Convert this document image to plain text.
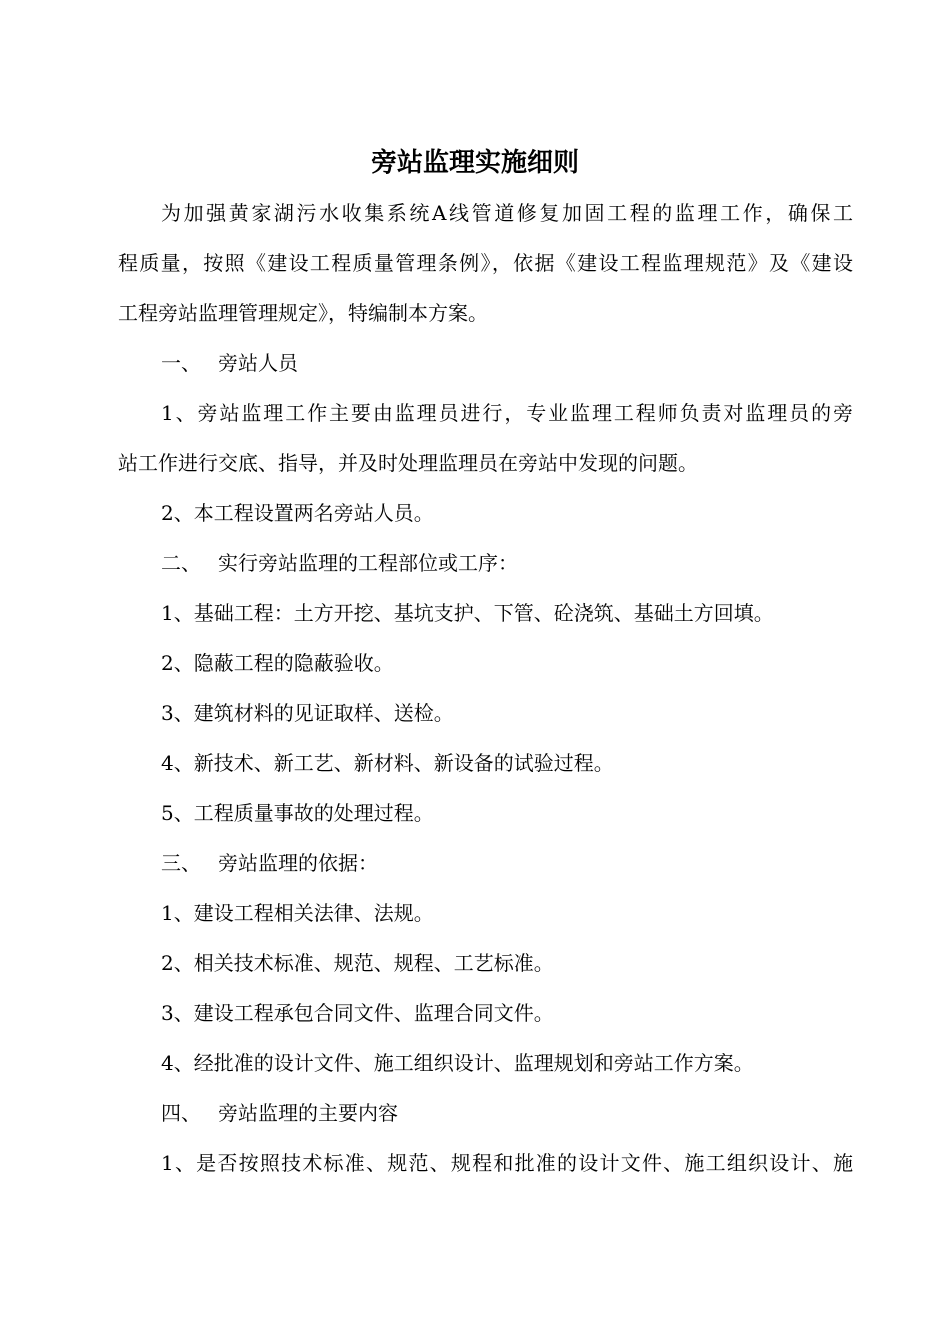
旁站监理实施细则
为加强黄家湖污水收集系统A线管道修复加固工程的监理工作，确保工
程质量，按照《建设工程质量管理条例》，依据《建设工程监理规范》及《建设
工程旁站监理管理规定》，特编制本方案。
一、 旁站人员
1、旁站监理工作主要由监理员进行，专业监理工程师负责对监理员的旁
站工作进行交底、指导，并及时处理监理员在旁站中发现的问题。
2、本工程设置两名旁站人员。
二、 实行旁站监理的工程部位或工序：
1、基础工程：土方开挖、基坑支护、下管、砼浇筑、基础土方回填。
2、隐蔽工程的隐蔽验收。
3、建筑材料的见证取样、送检。
4、新技术、新工艺、新材料、新设备的试验过程。
5、工程质量事故的处理过程。
三、 旁站监理的依据：
1、建设工程相关法律、法规。
2、相关技术标准、规范、规程、工艺标准。
3、建设工程承包合同文件、监理合同文件。
4、经批准的设计文件、施工组织设计、监理规划和旁站工作方案。
四、 旁站监理的主要内容
1、是否按照技术标准、规范、规程和批准的设计文件、施工组织设计、施
